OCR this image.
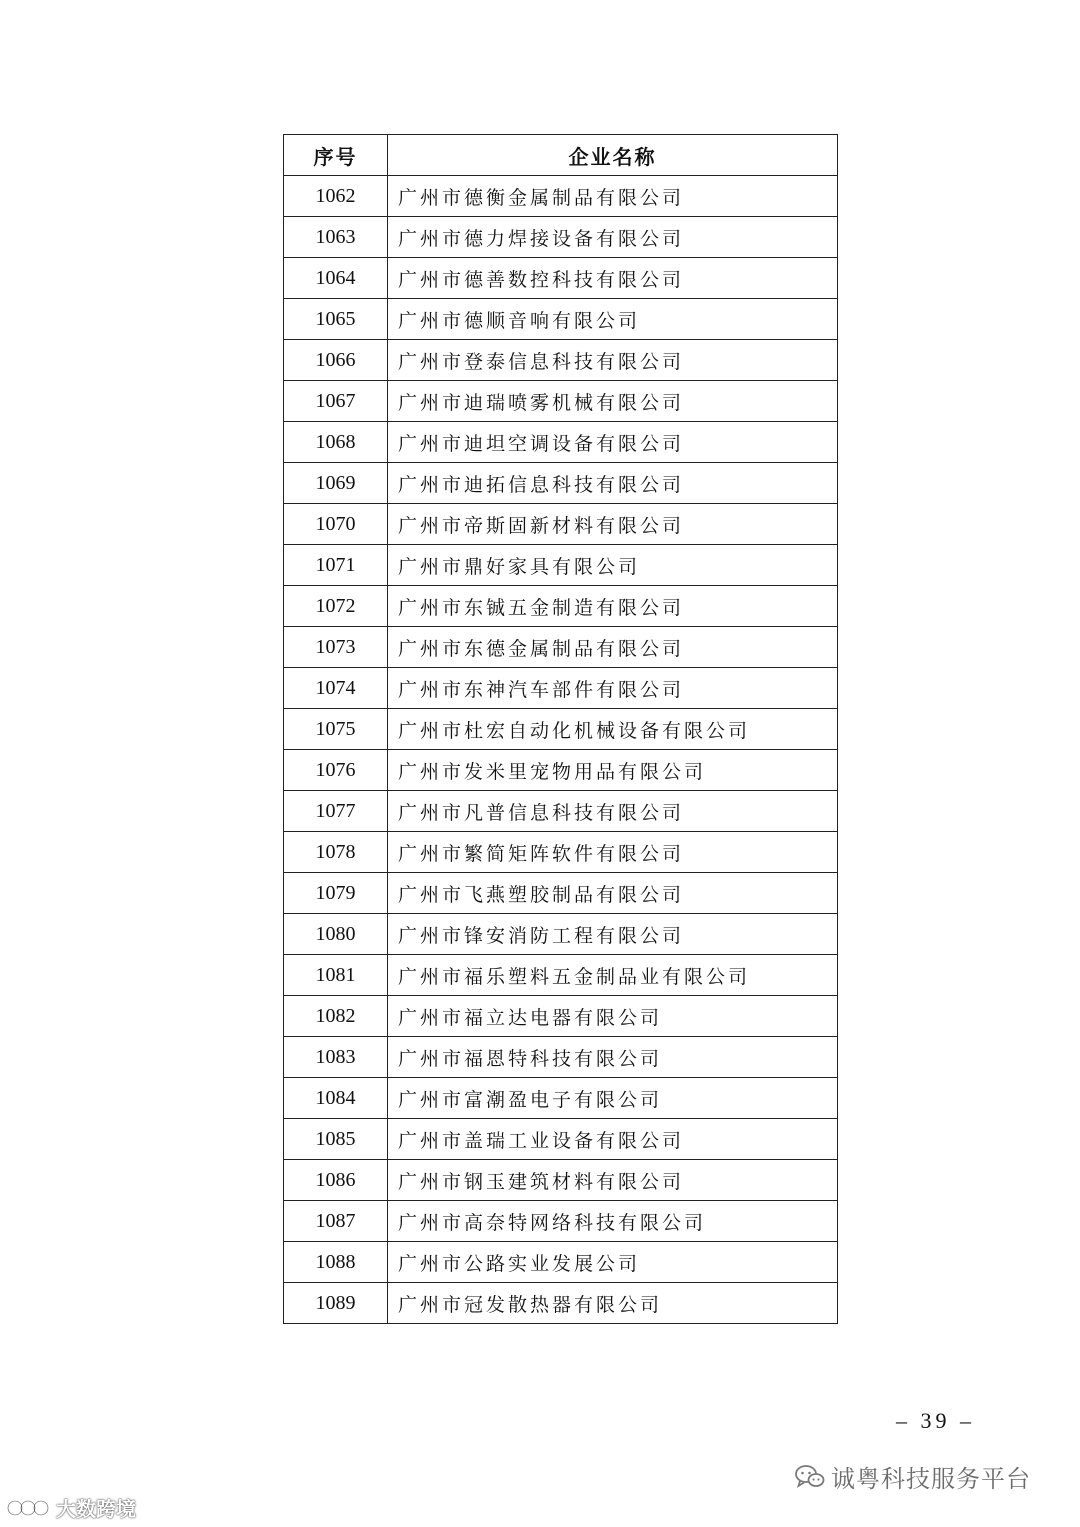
序号	企业名称
1062	广州市德衡金属制品有限公司
1063	广州市德力焊接设备有限公司
1064	广州市德善数控科技有限公司
1065	广州市德顺音响有限公司
1066	广州市登泰信息科技有限公司
1067	广州市迪瑞喷雾机械有限公司
1068	广州市迪坦空调设备有限公司
1069	广州市迪拓信息科技有限公司
1070	广州市帝斯固新材料有限公司
1071	广州市鼎好家具有限公司
1072	广州市东铖五金制造有限公司
1073	广州市东德金属制品有限公司
1074	广州市东神汽车部件有限公司
1075	广州市杜宏自动化机械设备有限公司
1076	广州市发米里宠物用品有限公司
1077	广州市凡普信息科技有限公司
1078	广州市繁简矩阵软件有限公司
1079	广州市飞燕塑胶制品有限公司
1080	广州市锋安消防工程有限公司
1081	广州市福乐塑料五金制品业有限公司
1082	广州市福立达电器有限公司
1083	广州市福恩特科技有限公司
1084	广州市富潮盈电子有限公司
1085	广州市盖瑞工业设备有限公司
1086	广州市钢玉建筑材料有限公司
1087	广州市高奈特网络科技有限公司
1088	广州市公路实业发展公司
1089	广州市冠发散热器有限公司
– 39 –
诚粤科技服务平台
大数跨境
